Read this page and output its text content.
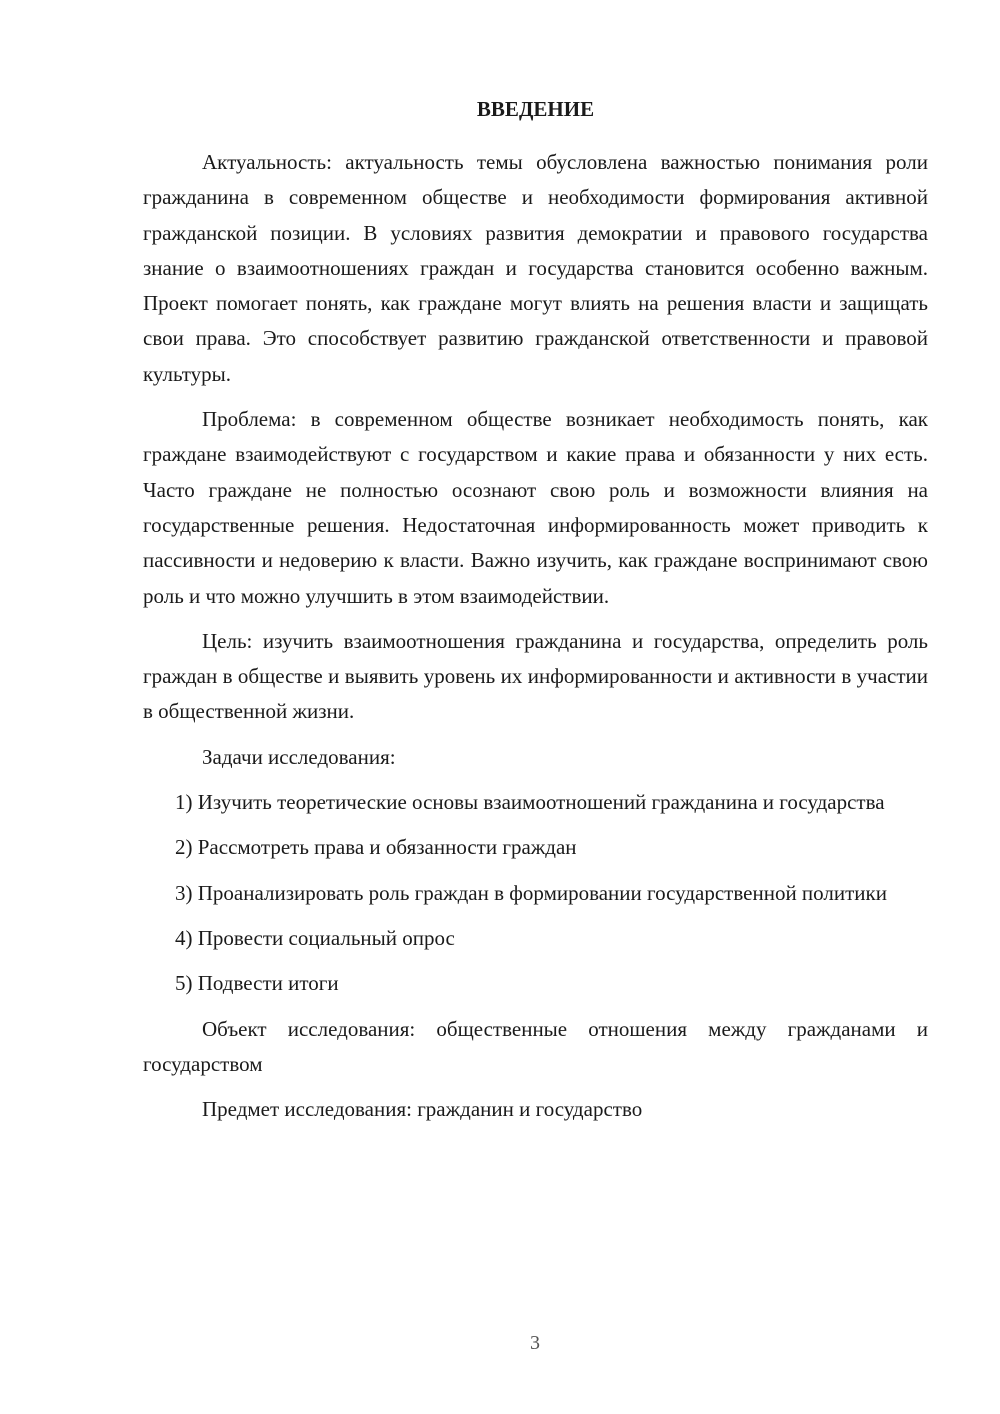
ВВЕДЕНИЕ

Актуальность: актуальность темы обусловлена важностью понимания роли гражданина в современном обществе и необходимости формирования активной гражданской позиции. В условиях развития демократии и правового государства знание о взаимоотношениях граждан и государства становится особенно важным. Проект помогает понять, как граждане могут влиять на решения власти и защищать свои права. Это способствует развитию гражданской ответственности и правовой культуры.

Проблема: в современном обществе возникает необходимость понять, как граждане взаимодействуют с государством и какие права и обязанности у них есть. Часто граждане не полностью осознают свою роль и возможности влияния на государственные решения. Недостаточная информированность может приводить к пассивности и недоверию к власти. Важно изучить, как граждане воспринимают свою роль и что можно улучшить в этом взаимодействии.

Цель: изучить взаимоотношения гражданина и государства, определить роль граждан в обществе и выявить уровень их информированности и активности в участии в общественной жизни.

Задачи исследования:

1) Изучить теоретические основы взаимоотношений гражданина и государства

2) Рассмотреть права и обязанности граждан

3) Проанализировать роль граждан в формировании государственной политики

4) Провести социальный опрос

5) Подвести итоги

Объект исследования: общественные отношения между гражданами и государством

Предмет исследования: гражданин и государство

3
